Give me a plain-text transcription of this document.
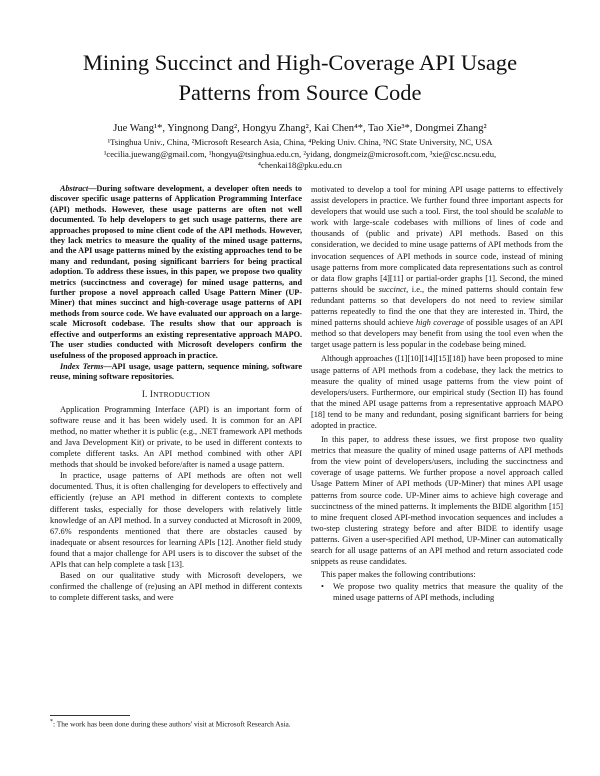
Mining Succinct and High-Coverage API Usage
Patterns from Source Code
Jue Wang¹*, Yingnong Dang², Hongyu Zhang², Kai Chen⁴*, Tao Xie³*, Dongmei Zhang²
¹Tsinghua Univ., China, ²Microsoft Research Asia, China, ⁴Peking Univ. China, ³NC State University, NC, USA
¹cecilia.juewang@gmail.com, ¹hongyu@tsinghua.edu.cn, ²yidang, dongmeiz@microsoft.com, ³xie@csc.ncsu.edu,
⁴chenkai18@pku.edu.cn

Abstract—During software development, a developer often needs to discover specific usage patterns of Application Programming Interface (API) methods. However, these usage patterns are often not well documented. To help developers to get such usage patterns, there are approaches proposed to mine client code of the API methods. However, they lack metrics to measure the quality of the mined usage patterns, and the API usage patterns mined by the existing approaches tend to be many and redundant, posing significant barriers for being practical adoption. To address these issues, in this paper, we propose two quality metrics (succinctness and coverage) for mined usage patterns, and further propose a novel approach called Usage Pattern Miner (UP-Miner) that mines succinct and high-coverage usage patterns of API methods from source code. We have evaluated our approach on a large-scale Microsoft codebase. The results show that our approach is effective and outperforms an existing representative approach MAPO. The user studies conducted with Microsoft developers confirm the usefulness of the proposed approach in practice.

Index Terms—API usage, usage pattern, sequence mining, software reuse, mining software repositories.

I. INTRODUCTION

Application Programming Interface (API) is an important form of software reuse and it has been widely used. It is common for an API method, no matter whether it is public (e.g., .NET framework API methods and Java Development Kit) or private, to be used in different contexts to complete different tasks. An API method combined with other API methods that should be invoked before/after is named a usage pattern.

In practice, usage patterns of API methods are often not well documented. Thus, it is often challenging for developers to effectively and efficiently (re)use an API method in different contexts to complete different tasks, especially for those developers with relatively little knowledge of an API method. In a survey conducted at Microsoft in 2009, 67.6% respondents mentioned that there are obstacles caused by inadequate or absent resources for learning APIs [12]. Another field study found that a major challenge for API users is to discover the subset of the APIs that can help complete a task [13].

Based on our qualitative study with Microsoft developers, we confirmed the challenge of (re)using an API method in different contexts to complete different tasks, and were

motivated to develop a tool for mining API usage patterns to effectively assist developers in practice. We further found three important aspects for developers that would use such a tool. First, the tool should be scalable to work with large-scale codebases with millions of lines of code and thousands of (public and private) API methods. Based on this consideration, we decided to mine usage patterns of API methods from the invocation sequences of API methods in source code, instead of mining usage patterns from more complicated data representations such as control or data flow graphs [4][11] or partial-order graphs [1]. Second, the mined patterns should be succinct, i.e., the mined patterns should contain few redundant patterns so that developers do not need to review similar patterns repeatedly to find the one that they are interested in. Third, the mined patterns should achieve high coverage of possible usages of an API method so that developers may benefit from using the tool even when the target usage pattern is less popular in the codebase being mined.

Although approaches ([1][10][14][15][18]) have been proposed to mine usage patterns of API methods from a codebase, they lack the metrics to measure the quality of mined usage patterns from the view point of developers/users. Furthermore, our empirical study (Section II) has found that the mined API usage patterns from a representative approach MAPO [18] tend to be many and redundant, posing significant barriers for being adopted in practice.

In this paper, to address these issues, we first propose two quality metrics that measure the quality of mined usage patterns of API methods from the view point of developers/users, including the succinctness and coverage of usage patterns. We further propose a novel approach called Usage Pattern Miner of API methods (UP-Miner) that mines API usage patterns from source code. UP-Miner aims to achieve high coverage and succinctness of the mined patterns. It implements the BIDE algorithm [15] to mine frequent closed API-method invocation sequences and includes a two-step clustering strategy before and after BIDE to identify usage patterns. Given a user-specified API method, UP-Miner can automatically search for all usage patterns of an API method and return associated code snippets as reuse candidates.

This paper makes the following contributions:

• We propose two quality metrics that measure the quality of the mined usage patterns of API methods, including
*: The work has been done during these authors' visit at Microsoft Research Asia.
